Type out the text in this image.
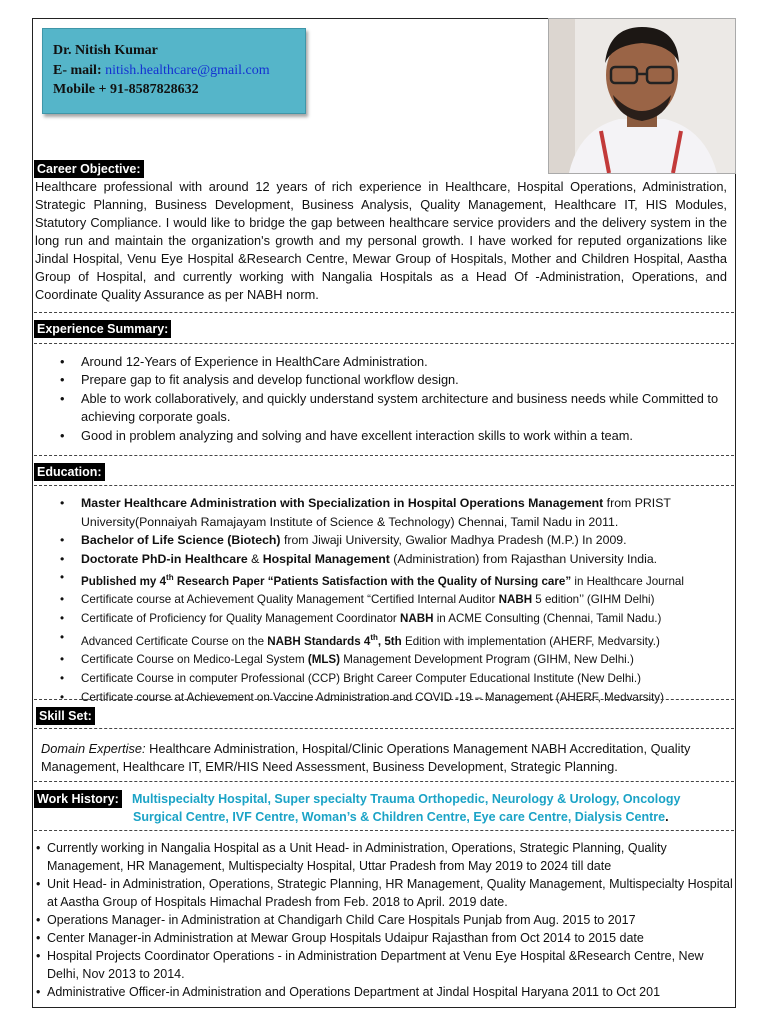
Dr. Nitish Kumar
E- mail: nitish.healthcare@gmail.com
Mobile + 91-8587828632
Career Objective:
Healthcare professional with around 12 years of rich experience in Healthcare, Hospital Operations, Administration, Strategic Planning, Business Development, Business Analysis, Quality Management, Healthcare IT, HIS Modules, Statutory Compliance. I would like to bridge the gap between healthcare service providers and the delivery system in the long run and maintain the organization's growth and my personal growth. I have worked for reputed organizations like Jindal Hospital, Venu Eye Hospital &Research Centre, Mewar Group of Hospitals, Mother and Children Hospital, Aastha Group of Hospital, and currently working with Nangalia Hospitals as a Head Of -Administration, Operations, and Coordinate Quality Assurance as per NABH norm.
Experience Summary:
• Around 12-Years of Experience in HealthCare Administration.
• Prepare gap to fit analysis and develop functional workflow design.
• Able to work collaboratively, and quickly understand system architecture and business needs while Committed to achieving corporate goals.
• Good in problem analyzing and solving and have excellent interaction skills to work within a team.
Education:
• Master Healthcare Administration with Specialization in Hospital Operations Management from PRIST University(Ponnaiyah Ramajayam Institute of Science & Technology) Chennai, Tamil Nadu in 2011.
• Bachelor of Life Science (Biotech) from Jiwaji University, Gwalior Madhya Pradesh (M.P.) In 2009.
• Doctorate PhD-in Healthcare & Hospital Management (Administration) from Rajasthan University India.
• Published my 4th Research Paper “Patients Satisfaction with the Quality of Nursing care” in Healthcare Journal
• Certificate course at Achievement Quality Management “Certified Internal Auditor NABH 5 edition’’ (GIHM Delhi)
• Certificate of Proficiency for Quality Management Coordinator NABH in ACME Consulting (Chennai, Tamil Nadu.)
• Advanced Certificate Course on the NABH Standards 4th, 5th Edition with implementation (AHERF, Medvarsity.)
• Certificate Course on Medico-Legal System (MLS) Management Development Program (GIHM, New Delhi.)
• Certificate Course in computer Professional (CCP) Bright Career Computer Educational Institute (New Delhi.)
• Certificate course at Achievement on Vaccine Administration and COVID -19 – Management (AHERF, Medvarsity)
Skill Set:
Domain Expertise: Healthcare Administration, Hospital/Clinic Operations Management NABH Accreditation, Quality Management, Healthcare IT, EMR/HIS Need Assessment, Business Development, Strategic Planning.
Work History: Multispecialty Hospital, Super specialty Trauma Orthopedic, Neurology & Urology, Oncology
Surgical Centre, IVF Centre, Woman’s & Children Centre, Eye care Centre, Dialysis Centre.
• Currently working in Nangalia Hospital as a Unit Head- in Administration, Operations, Strategic Planning, Quality Management, HR Management, Multispecialty Hospital, Uttar Pradesh from May 2019 to 2024 till date
• Unit Head- in Administration, Operations, Strategic Planning, HR Management, Quality Management, Multispecialty Hospital at Aastha Group of Hospitals Himachal Pradesh from Feb. 2018 to April. 2019 date.
• Operations Manager- in Administration at Chandigarh Child Care Hospitals Punjab from Aug. 2015 to 2017
• Center Manager-in Administration at Mewar Group Hospitals Udaipur Rajasthan from Oct 2014 to 2015 date
• Hospital Projects Coordinator Operations - in Administration Department at Venu Eye Hospital &Research Centre, New Delhi, Nov 2013 to 2014.
• Administrative Officer-in Administration and Operations Department at Jindal Hospital Haryana 2011 to Oct 201
